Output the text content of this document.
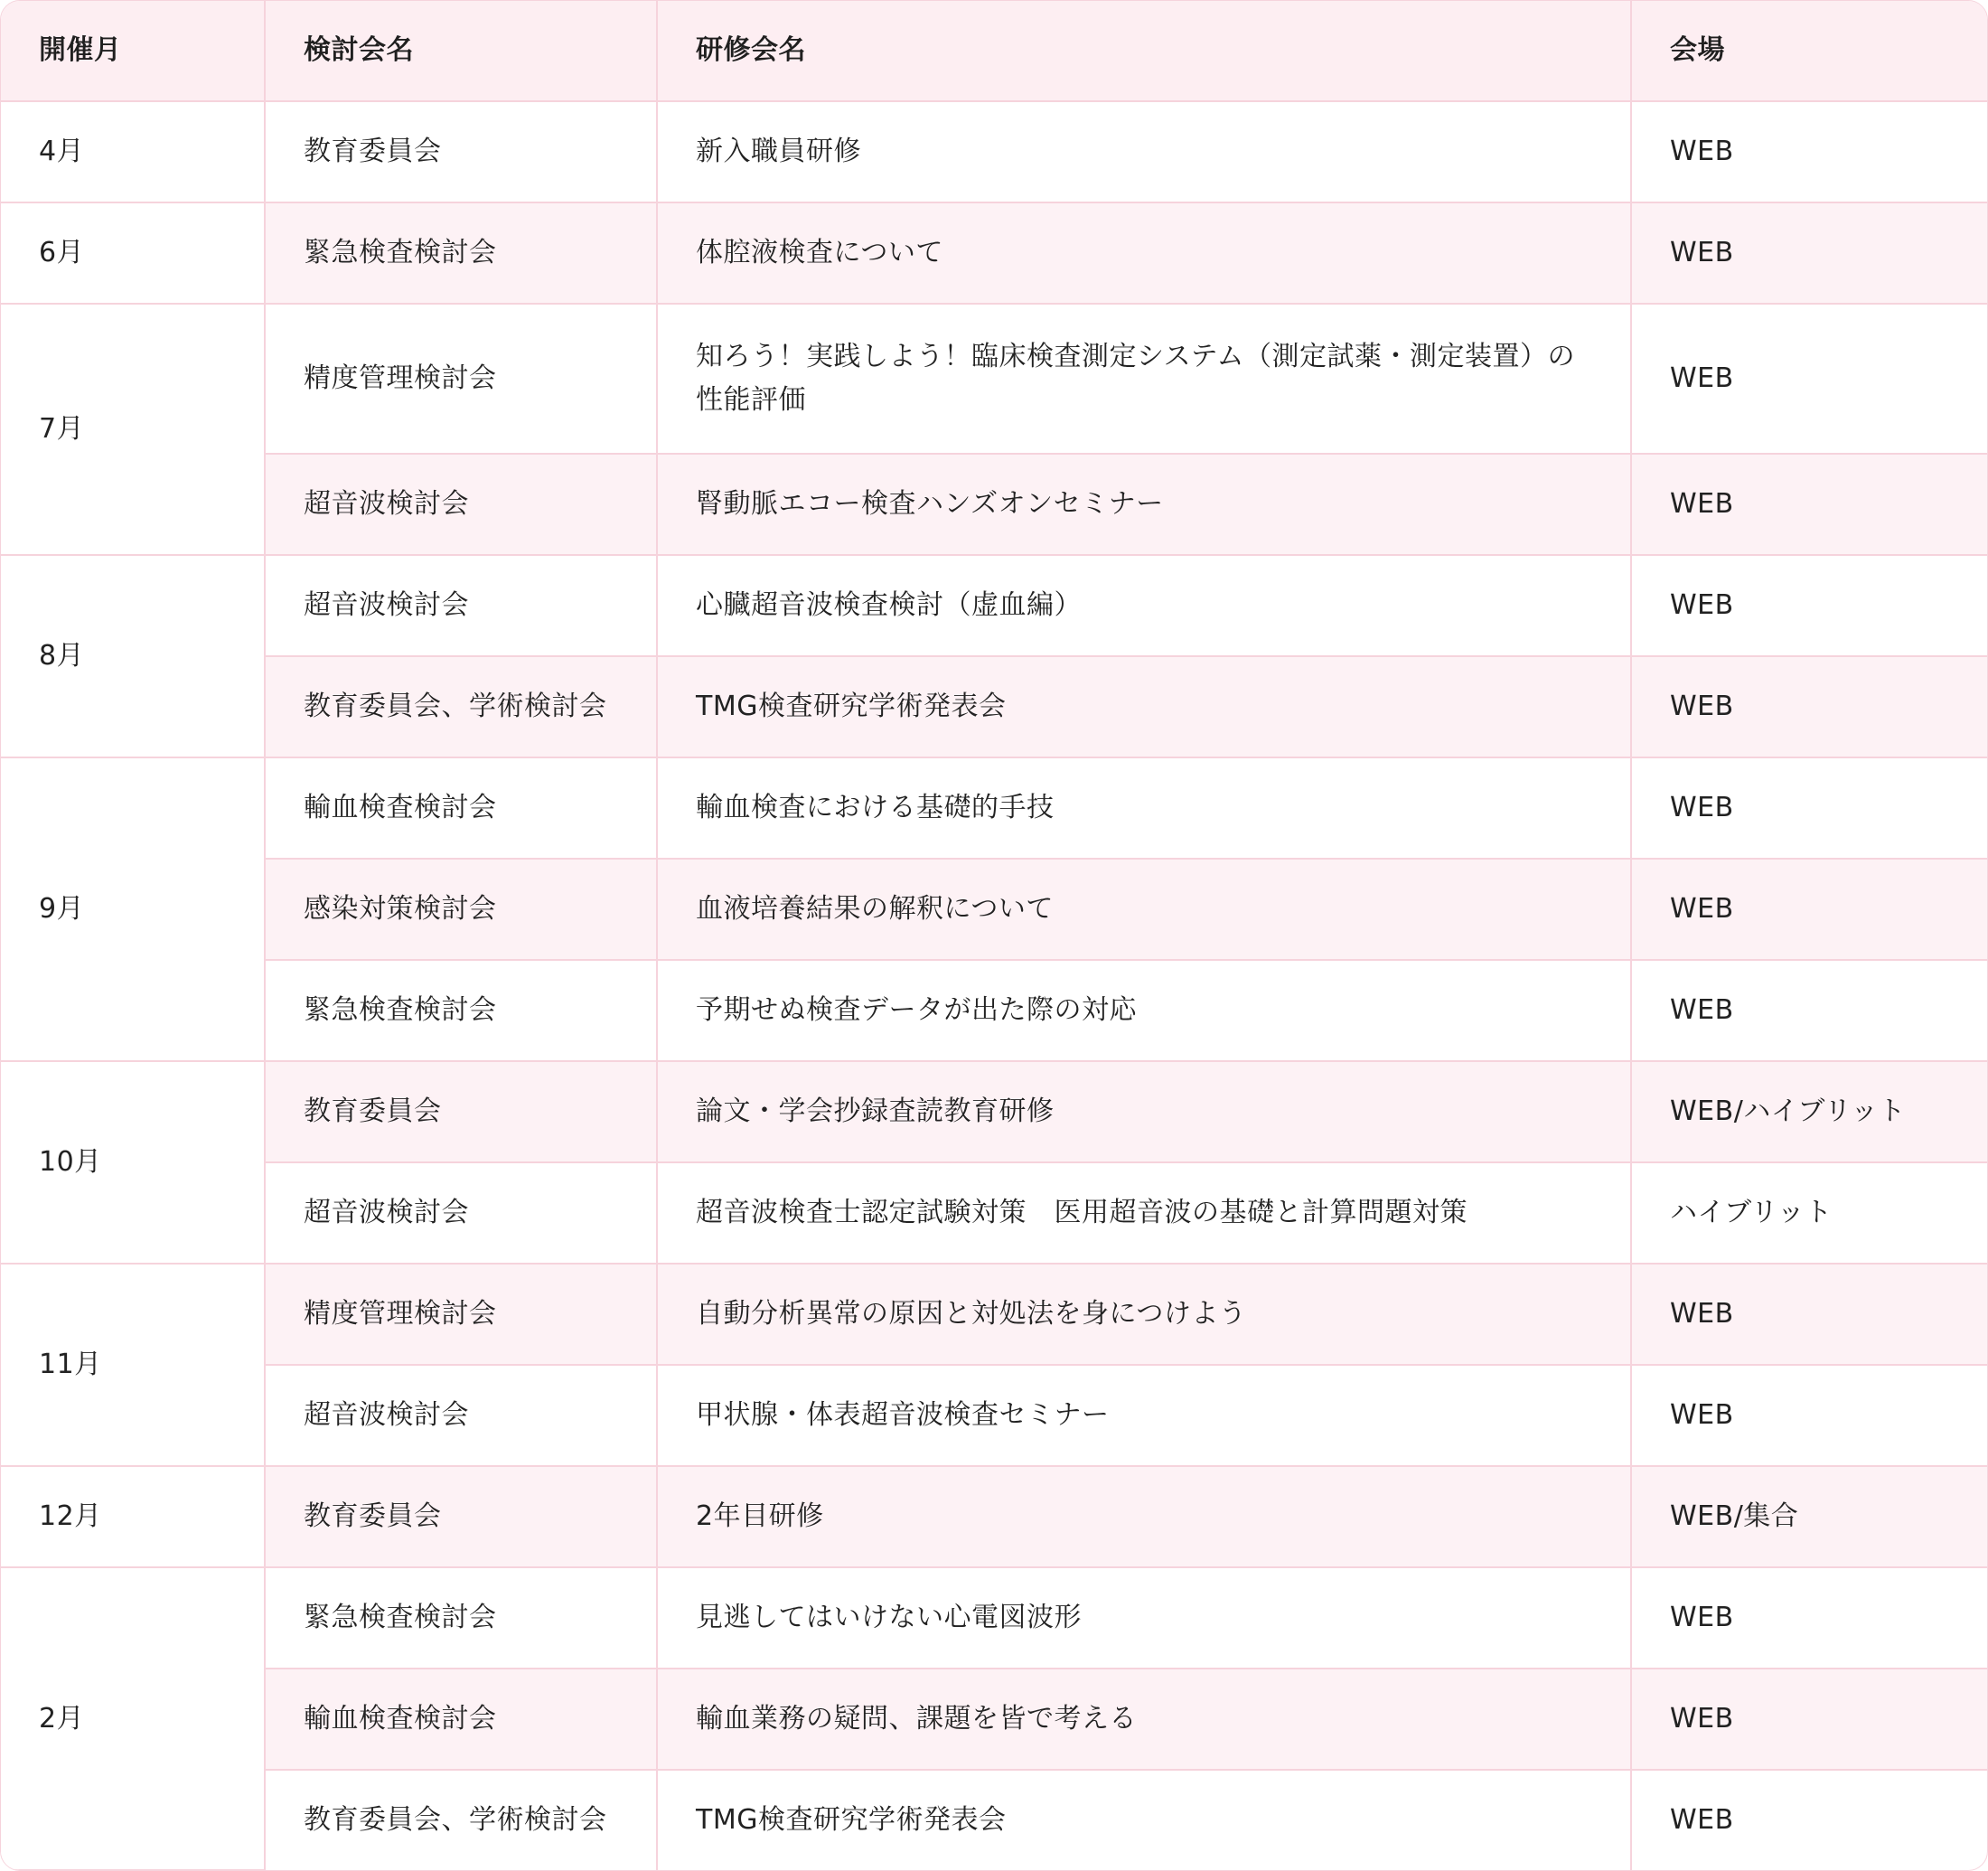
開催月	検討会名	研修会名	会場
4月	教育委員会	新入職員研修	WEB
6月	緊急検査検討会	体腔液検査について	WEB
7月	精度管理検討会	知ろう！実践しよう！臨床検査測定システム（測定試薬・測定装置）の性能評価	WEB
	超音波検討会	腎動脈エコー検査ハンズオンセミナー	WEB
8月	超音波検討会	心臓超音波検査検討（虚血編）	WEB
	教育委員会、学術検討会	TMG検査研究学術発表会	WEB
9月	輸血検査検討会	輸血検査における基礎的手技	WEB
	感染対策検討会	血液培養結果の解釈について	WEB
	緊急検査検討会	予期せぬ検査データが出た際の対応	WEB
10月	教育委員会	論文・学会抄録査読教育研修	WEB/ハイブリット
	超音波検討会	超音波検査士認定試験対策　医用超音波の基礎と計算問題対策	ハイブリット
11月	精度管理検討会	自動分析異常の原因と対処法を身につけよう	WEB
	超音波検討会	甲状腺・体表超音波検査セミナー	WEB
12月	教育委員会	2年目研修	WEB/集合
2月	緊急検査検討会	見逃してはいけない心電図波形	WEB
	輸血検査検討会	輸血業務の疑問、課題を皆で考える	WEB
	教育委員会、学術検討会	TMG検査研究学術発表会	WEB
